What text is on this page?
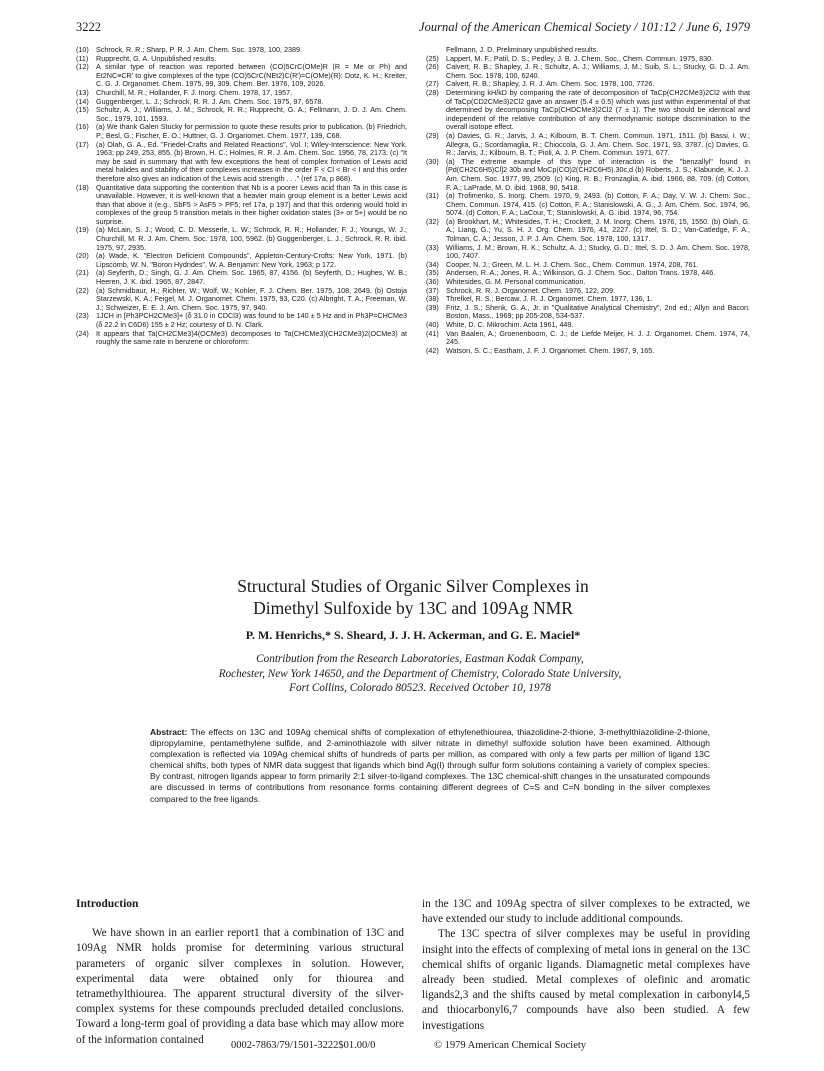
3222	Journal of the American Chemical Society / 101:12 / June 6, 1979
(10) Schrock, R. R.; Sharp, P. R. J. Am. Chem. Soc. 1978, 100, 2389.
(11) Rupprecht, G. A. Unpublished results.
(12) A similar type of reaction was reported between (CO)5CrC(OMe)R (R = Me or Ph) and Et2NC≡CR' to give complexes of the type (CO)5CrC(NEt2)C(R')=C(OMe)(R): Dotz, K. H.; Kreiter, C. G. J. Organomet. Chem. 1975, 99, 309. Chem. Ber. 1976, 109, 2026.
(13) Churchill, M. R.; Hollander, F. J. Inorg. Chem. 1978, 17, 1957.
(14) Guggenberger, L. J.; Schrock, R. R. J. Am. Chem. Soc. 1975, 97, 6578.
(15) Schultz, A. J.; Williams, J. M.; Schrock, R. R.; Rupprecht, G. A.; Fellmann, J. D. J. Am. Chem. Soc., 1979, 101, 1593.
(16) (a) We thank Galen Stucky for permission to quote these results prior to publication. (b) Friedrich, P.; Besl, G.; Fischer, E. O.; Huttner, G. J. Organomet. Chem. 1977, 139, C68.
(17) (a) Olah, G. A., Ed. "Friedel-Crafts and Related Reactions", Vol. I; Wiley-Interscience: New York, 1963; pp 249, 253, 855. (b) Brown, H. C.; Holmes, R. R. J. Am. Chem. Soc. 1956, 78, 2173. (c) "It may be said in summary that with few exceptions the heat of complex formation of Lewis acid metal halides and stability of their complexes increases in the order F < Cl < Br < I and this order therefore also gives an indication of the Lewis acid strength . . ." (ref 17a, p 868).
(18) Quantitative data supporting the contention that Nb is a poorer Lewis acid than Ta in this case is unavailable. However, it is well-known that a heavier main group element is a better Lewis acid than that above it (e.g., SbF5 > AsF5 > PF5; ref 17a, p 197) and that this ordering would hold in complexes of the group 5 transition metals in their higher oxidation states (3+ or 5+) would be no surprise.
(19) (a) McLain, S. J.; Wood, C. D. Messerle, L. W.; Schrock, R. R.; Hollander, F. J.; Youngs, W. J.; Churchill, M. R. J. Am. Chem. Soc. 1978, 100, 5962. (b) Guggenberger, L. J.; Schrock, R. R. ibid. 1975, 97, 2935.
(20) (a) Wade, K. "Electron Deficient Compounds", Appleton-Century-Crofts: New York, 1971. (b) Lipscomb, W. N. "Boron Hydrides", W. A. Benjamin: New York, 1963; p 172.
(21) (a) Seyferth, D.; Singh, G. J. Am. Chem. Soc. 1965, 87, 4156. (b) Seyferth, D.; Hughes, W. B.; Heeren, J. K. ibid. 1965, 87, 2847.
(22) (a) Schmidbaur, H.; Richter, W.; Wolf, W.; Kohler, F. J. Chem. Ber. 1975, 108, 2649. (b) Ostoja Starzewski, K. A.; Feigel, M. J. Organomet. Chem. 1975, 93, C20. (c) Albright, T. A.; Freeman, W. J.; Schweizer, E. E. J. Am. Chem. Soc. 1975, 97, 940.
(23) 1JCH in [Ph3PCH2CMe3]+ (δ 31.0 in CDCl3) was found to be 140 ± 5 Hz and in Ph3P=CHCMe3 (δ 22.2 in C6D6) 155 ± 2 Hz; courtesy of D. N. Clark.
(24) It appears that Ta(CH2CMe3)4(OCMe3) decomposes to Ta(CHCMe3)(CH2CMe3)2(OCMe3) at roughly the same rate in benzene or chloroform:
Fellmann, J. D. Preliminary unpublished results.
(25) Lappert, M. F.; Patil, D. S.; Pedley, J. B. J. Chem. Soc., Chem. Commun. 1975, 830.
(26) Calvert, R. B.; Shapley, J. R.; Schultz, A. J.; Williams, J. M.; Suib, S. L.; Stucky, G. D. J. Am. Chem. Soc. 1978, 100, 6240.
(27) Calvert, R. B.; Shapley, J. R. J. Am. Chem. Soc. 1978, 100, 7726.
(28) Determining kH/kD by comparing the rate of decomposition of TaCp(CH2CMe3)2Cl2 with that of TaCp(CD2CMe3)2Cl2 gave an answer (5.4 ± 0.5) which was just within experimental of that determined by decomposing TaCp(CHDCMe3)2Cl2 (7 ± 1). The two should be identical and independent of the relative contribution of any thermodynamic isotope discrimination to the overall isotope effect.
(29) (a) Davies, G. R.; Jarvis, J. A.; Kilbourn, B. T. Chem. Commun. 1971, 1511. (b) Bassi, I. W.; Allegra, G.; Scordamaglia, R.; Chioccola, G. J. Am. Chem. Soc. 1971, 93, 3787. (c) Davies, G. R.; Jarvis, J.; Kilbourn, B. T.; Pioli, A. J. P. Chem. Commun. 1971, 677.
(30) (a) The extreme example of this type of interaction is the "benzallyl" found in [Pd(CH2C6H5)Cl]2 30b and MoCp(CO)2(CH2C6H5).30c,d (b) Roberts, J. S.; Klabunde, K. J. J. Am. Chem. Soc. 1977, 99, 2509. (c) King, R. B.; Fronzaglia, A. ibid. 1966, 88, 709. (d) Cotton, F. A.; LaPrade, M. D. ibid. 1968, 90, 5418.
(31) (a) Trofimenko, S. Inorg. Chem. 1970, 9, 2493. (b) Cotton, F. A.; Day, V. W. J. Chem. Soc., Chem. Commun. 1974, 415. (c) Cotton, F. A.; Stanislowski, A. G., J. Am. Chem. Soc. 1974, 96, 5074. (d) Cotton, F. A.; LaCour, T.; Stanislowski, A. G. ibid. 1974, 96, 754.
(32) (a) Brookhart, M.; Whitesides, T. H.; Crockett, J. M. Inorg. Chem. 1976, 15, 1550. (b) Olah, G. A.; Liang, G.; Yu, S. H. J. Org. Chem. 1976, 41, 2227. (c) Ittel, S. D.; Van-Catledge, F. A.; Tolman, C. A.; Jesson, J. P. J. Am. Chem. Soc. 1978, 100, 1317.
(33) Williams, J. M.; Brown, R. K.; Schultz, A. J.; Stucky, G. D.; Ittel, S. D. J. Am. Chem. Soc. 1978, 100, 7407.
(34) Cooper, N. J.; Green, M. L. H. J. Chem. Soc., Chem. Commun. 1974, 208, 761.
(35) Andersen, R. A.; Jones, R. A.; Wilkinson, G. J. Chem. Soc., Dalton Trans. 1978, 446.
(36) Whitesides, G. M. Personal communication.
(37) Schrock, R. R. J. Organomet. Chem. 1976, 122, 209.
(38) Threlkel, R. S.; Bercaw, J. R. J. Organomet. Chem. 1977, 136, 1.
(39) Fritz, J. S.; Shenk, G. A., Jr. in "Qualitative Analytical Chemistry", 2nd ed.; Allyn and Bacon: Boston, Mass., 1969; pp 205-208, 534-537.
(40) White, D. C. Mikrochim. Acta 1961, 449.
(41) Van Baalen, A.; Groenenboom, C. J.; de Liefde Meijer, H. J. J. Organomet. Chem. 1974, 74, 245.
(42) Watson, S. C.; Eastham, J. F. J. Organomet. Chem. 1967, 9, 165.
Structural Studies of Organic Silver Complexes in
Dimethyl Sulfoxide by 13C and 109Ag NMR
P. M. Henrichs,* S. Sheard, J. J. H. Ackerman, and G. E. Maciel*
Contribution from the Research Laboratories, Eastman Kodak Company,
Rochester, New York 14650, and the Department of Chemistry, Colorado State University,
Fort Collins, Colorado 80523. Received October 10, 1978
Abstract: The effects on 13C and 109Ag chemical shifts of complexation of ethylenethiourea, thiazolidine-2-thione, 3-methylthiazolidine-2-thione, dipropylamine, pentamethylene sulfide, and 2-aminothiazole with silver nitrate in dimethyl sulfoxide solution have been examined. Although complexation is reflected via 109Ag chemical shifts of hundreds of parts per million, as compared with only a few parts per million of ligand 13C chemical shifts, both types of NMR data suggest that ligands which bind Ag(I) through sulfur form solutions containing a variety of complex species. By contrast, nitrogen ligands appear to form primarily 2:1 silver-to-ligand complexes. The 13C chemical-shift changes in the unsaturated compounds are discussed in terms of contributions from resonance forms containing different degrees of C=S and C=N bonding in the silver complexes compared to the free ligands.
Introduction

We have shown in an earlier report1 that a combination of 13C and 109Ag NMR holds promise for determining various structural parameters of organic silver complexes in solution. However, experimental data were obtained only for thiourea and tetramethylthiourea. The apparent structural diversity of the silver-complex systems for these compounds precluded detailed conclusions. Toward a long-term goal of providing a data base which may allow more of the information contained

in the 13C and 109Ag spectra of silver complexes to be extracted, we have extended our study to include additional compounds.

The 13C spectra of silver complexes may be useful in providing insight into the effects of complexing of metal ions in general on the 13C chemical shifts of organic ligands. Diamagnetic metal complexes have already been studied. Metal complexes of olefinic and aromatic ligands2,3 and the shifts caused by metal complexation in carbonyl4,5 and thiocarbonyl6,7 compounds have also been studied. A few investigations

0002-7863/79/1501-3222$01.00/0	© 1979 American Chemical Society
